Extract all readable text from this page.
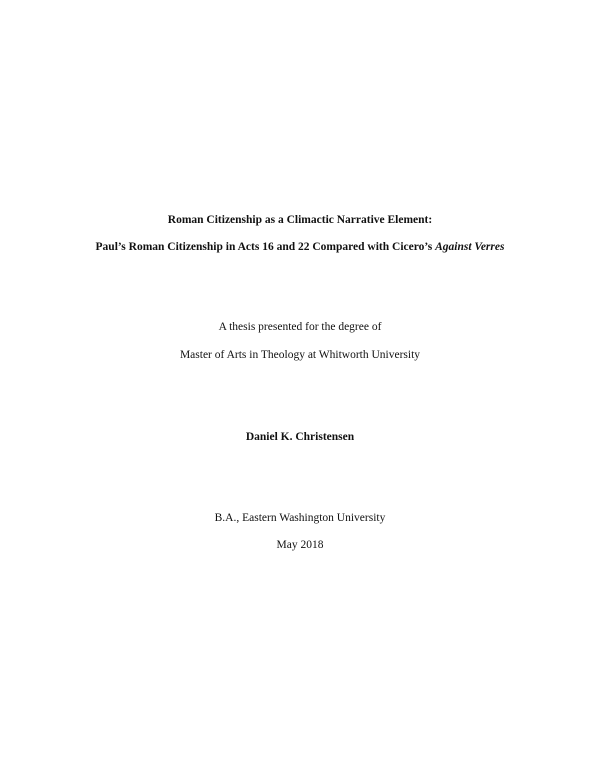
Roman Citizenship as a Climactic Narrative Element:
Paul’s Roman Citizenship in Acts 16 and 22 Compared with Cicero’s Against Verres
A thesis presented for the degree of
Master of Arts in Theology at Whitworth University
Daniel K. Christensen
B.A., Eastern Washington University
May 2018
